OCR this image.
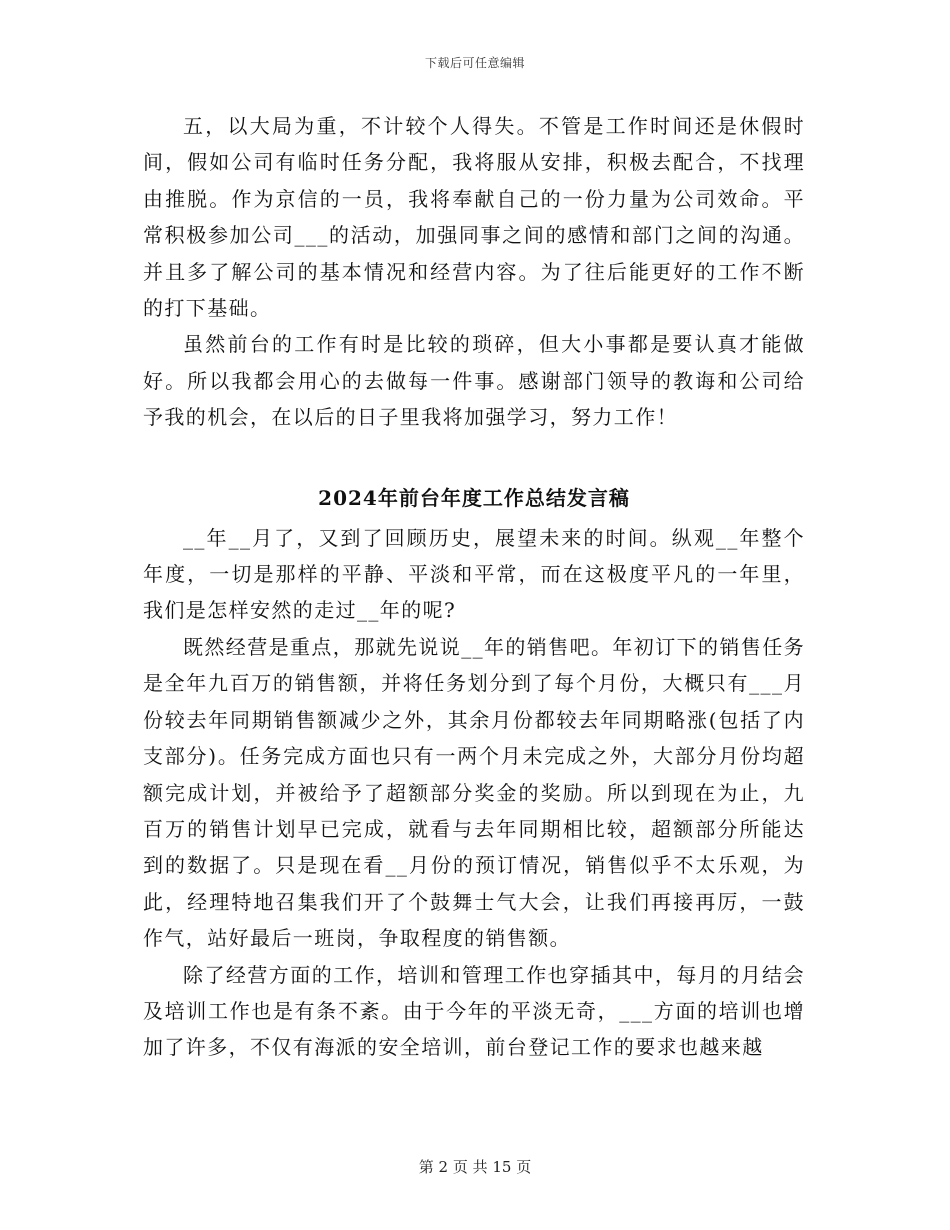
下载后可任意编辑

五，以大局为重，不计较个人得失。不管是工作时间还是休假时间，假如公司有临时任务分配，我将服从安排，积极去配合，不找理由推脱。作为京信的一员，我将奉献自己的一份力量为公司效命。平常积极参加公司___的活动，加强同事之间的感情和部门之间的沟通。并且多了解公司的基本情况和经营内容。为了往后能更好的工作不断的打下基础。

虽然前台的工作有时是比较的琐碎，但大小事都是要认真才能做好。所以我都会用心的去做每一件事。感谢部门领导的教诲和公司给予我的机会，在以后的日子里我将加强学习，努力工作！

2024年前台年度工作总结发言稿

__年__月了，又到了回顾历史，展望未来的时间。纵观__年整个年度，一切是那样的平静、平淡和平常，而在这极度平凡的一年里，我们是怎样安然的走过__年的呢?

既然经营是重点，那就先说说__年的销售吧。年初订下的销售任务是全年九百万的销售额，并将任务划分到了每个月份，大概只有___月份较去年同期销售额减少之外，其余月份都较去年同期略涨(包括了内支部分)。任务完成方面也只有一两个月未完成之外，大部分月份均超额完成计划，并被给予了超额部分奖金的奖励。所以到现在为止，九百万的销售计划早已完成，就看与去年同期相比较，超额部分所能达到的数据了。只是现在看__月份的预订情况，销售似乎不太乐观，为此，经理特地召集我们开了个鼓舞士气大会，让我们再接再厉，一鼓作气，站好最后一班岗，争取程度的销售额。

除了经营方面的工作，培训和管理工作也穿插其中，每月的月结会及培训工作也是有条不紊。由于今年的平淡无奇，___方面的培训也增加了许多，不仅有海派的安全培训，前台登记工作的要求也越来越

第 2 页 共 15 页
